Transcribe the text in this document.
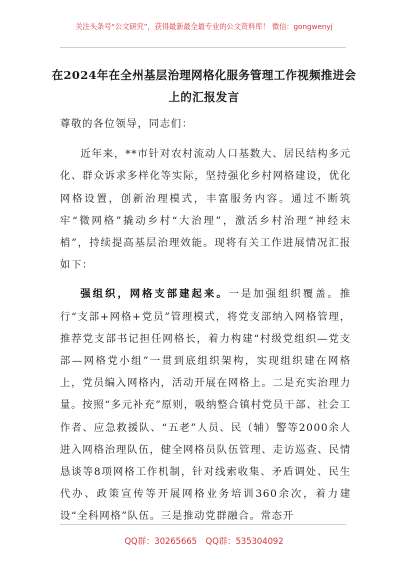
关注头条号“公文研究”，获得最新最全最专业的公文资料库！ 微信：gongwenyj
在2024年在全州基层治理网格化服务管理工作视频推进会
上的汇报发言

尊敬的各位领导，同志们：

近年来，**市针对农村流动人口基数大、居民结构多元化、群众诉求多样化等实际，坚持强化乡村网格建设，优化网格设置，创新治理模式，丰富服务内容。通过不断筑牢“微网格”撬动乡村“大治理”，激活乡村治理“神经末梢”，持续提高基层治理效能。现将有关工作进展情况汇报如下：

强组织，网格支部建起来。一是加强组织覆盖。推行“支部+网格+党员”管理模式，将党支部纳入网格管理，推荐党支部书记担任网格长，着力构建“村级党组织—党支部—网格党小组”一贯到底组织架构，实现组织建在网格上，党员编入网格内，活动开展在网格上。二是充实治理力量。按照“多元补充”原则，吸纳整合镇村党员干部、社会工作者、应急救援队、“五老”人员、民（辅）警等2000余人进入网格治理队伍，健全网格员队伍管理、走访巡查、民情恳谈等8项网格工作机制，针对线索收集、矛盾调处、民生代办、政策宣传等开展网格业务培训360余次，着力建设“全科网格”队伍。三是推动党群融合。常态开

QQ群：30265665 QQ群：535304092
